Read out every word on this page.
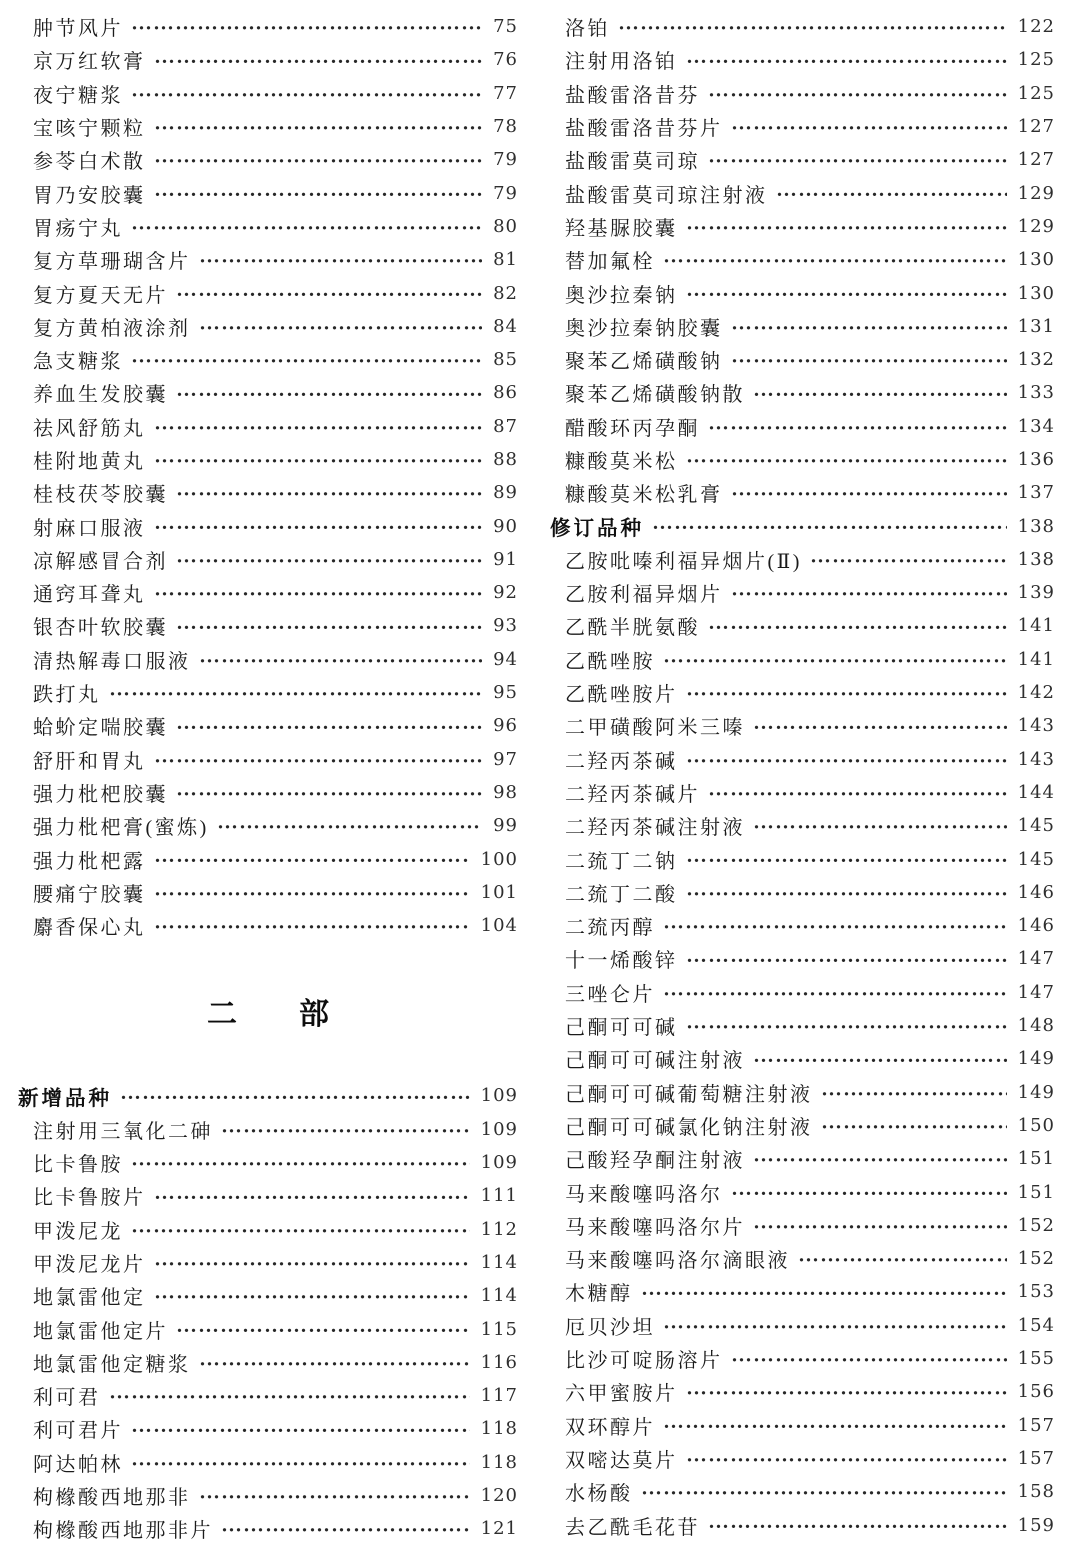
肿节风片	75
京万红软膏	76
夜宁糖浆	77
宝咳宁颗粒	78
参苓白术散	79
胃乃安胶囊	79
胃疡宁丸	80
复方草珊瑚含片	81
复方夏天无片	82
复方黄柏液涂剂	84
急支糖浆	85
养血生发胶囊	86
祛风舒筋丸	87
桂附地黄丸	88
桂枝茯苓胶囊	89
射麻口服液	90
凉解感冒合剂	91
通窍耳聋丸	92
银杏叶软胶囊	93
清热解毒口服液	94
跌打丸	95
蛤蚧定喘胶囊	96
舒肝和胃丸	97
强力枇杷胶囊	98
强力枇杷膏(蜜炼)	99
强力枇杷露	100
腰痛宁胶囊	101
麝香保心丸	104
二 部
新增品种	109
注射用三氧化二砷	109
比卡鲁胺	109
比卡鲁胺片	111
甲泼尼龙	112
甲泼尼龙片	114
地氯雷他定	114
地氯雷他定片	115
地氯雷他定糖浆	116
利可君	117
利可君片	118
阿达帕林	118
枸橼酸西地那非	120
枸橼酸西地那非片	121
洛铂	122
注射用洛铂	125
盐酸雷洛昔芬	125
盐酸雷洛昔芬片	127
盐酸雷莫司琼	127
盐酸雷莫司琼注射液	129
羟基脲胶囊	129
替加氟栓	130
奥沙拉秦钠	130
奥沙拉秦钠胶囊	131
聚苯乙烯磺酸钠	132
聚苯乙烯磺酸钠散	133
醋酸环丙孕酮	134
糠酸莫米松	136
糠酸莫米松乳膏	137
修订品种	138
乙胺吡嗪利福异烟片(Ⅱ)	138
乙胺利福异烟片	139
乙酰半胱氨酸	141
乙酰唑胺	141
乙酰唑胺片	142
二甲磺酸阿米三嗪	143
二羟丙茶碱	143
二羟丙茶碱片	144
二羟丙茶碱注射液	145
二巯丁二钠	145
二巯丁二酸	146
二巯丙醇	146
十一烯酸锌	147
三唑仑片	147
己酮可可碱	148
己酮可可碱注射液	149
己酮可可碱葡萄糖注射液	149
己酮可可碱氯化钠注射液	150
己酸羟孕酮注射液	151
马来酸噻吗洛尔	151
马来酸噻吗洛尔片	152
马来酸噻吗洛尔滴眼液	152
木糖醇	153
厄贝沙坦	154
比沙可啶肠溶片	155
六甲蜜胺片	156
双环醇片	157
双嘧达莫片	157
水杨酸	158
去乙酰毛花苷	159
